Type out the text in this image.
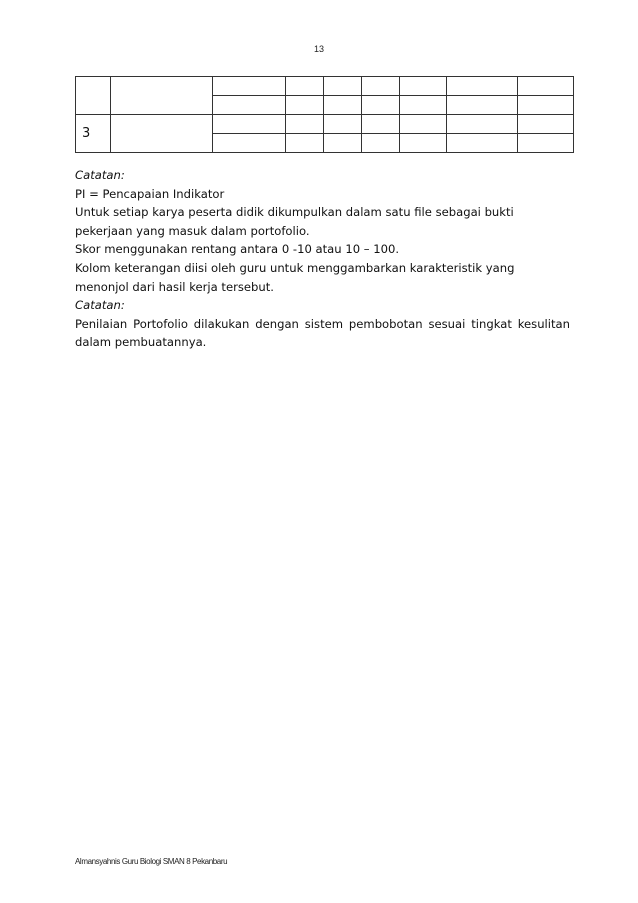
13

3								

Catatan:

PI = Pencapaian Indikator

Untuk setiap karya peserta didik dikumpulkan dalam satu file sebagai bukti

pekerjaan yang masuk dalam portofolio.

Skor menggunakan rentang antara 0 -10 atau 10 – 100.

Kolom keterangan diisi oleh guru untuk menggambarkan karakteristik yang

menonjol dari hasil kerja tersebut.

Catatan:

Penilaian Portofolio dilakukan dengan sistem pembobotan sesuai tingkat kesulitan dalam pembuatannya.

Almansyahnis Guru Biologi SMAN 8 Pekanbaru
